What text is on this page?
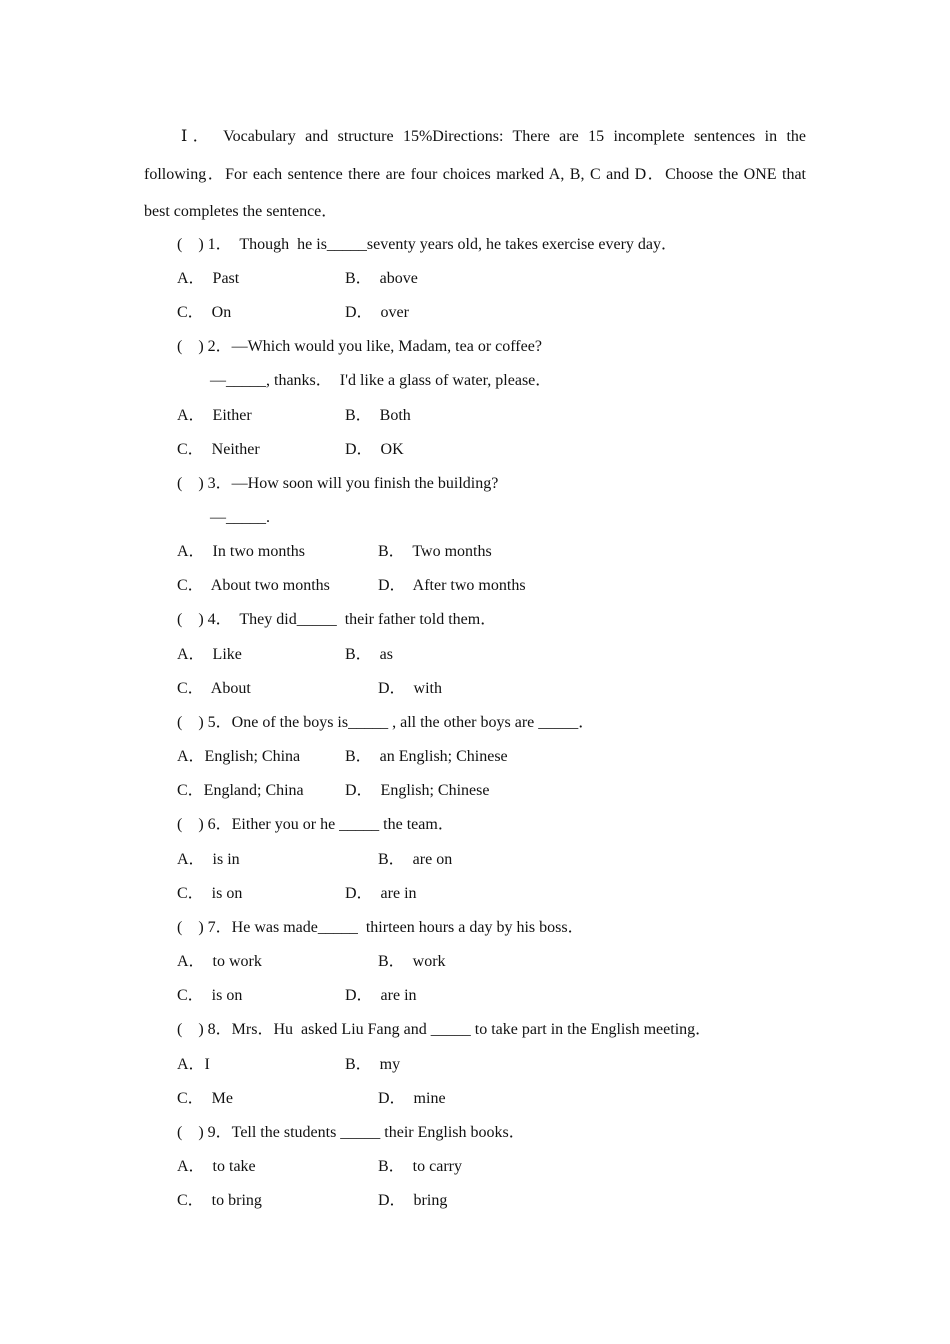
Ⅰ． Vocabulary and structure 15%Directions: There are 15 incomplete sentences in the following．For each sentence there are four choices marked A, B, C and D．Choose the ONE that best completes the sentence．
(　) 1．  Though  he is_____seventy years old, he takes exercise every day．
A．  Past	B．  above
C．  On	D．  over
(　) 2．—Which would you like, Madam, tea or coffee?
—_____, thanks．  I'd like a glass of water, please．
A．  Either	B．  Both
C．  Neither	D．  OK
(　) 3．—How soon will you finish the building?
—_____.
A．  In two months	B．  Two months
C．  About two months	D．  After two months
(　) 4．  They did_____  their father told them．
A．  Like	B．  as
C．  About	D．  with
(　) 5．One of the boys is_____ , all the other boys are _____．
A．English; China	B．  an English; Chinese
C．England; China	D．  English; Chinese
(　) 6．Either you or he _____ the team．
A．  is in	B．  are on
C．  is on	D．  are in
(　) 7．He was made_____  thirteen hours a day by his boss．
A．  to work	B．  work
C．  is on	D．  are in
(　) 8．Mrs．Hu  asked Liu Fang and _____ to take part in the English meeting．
A．I	B．  my
C．  Me	D．  mine
(　) 9．Tell the students _____ their English books．
A．  to take	B．  to carry
C．  to bring	D．  bring
